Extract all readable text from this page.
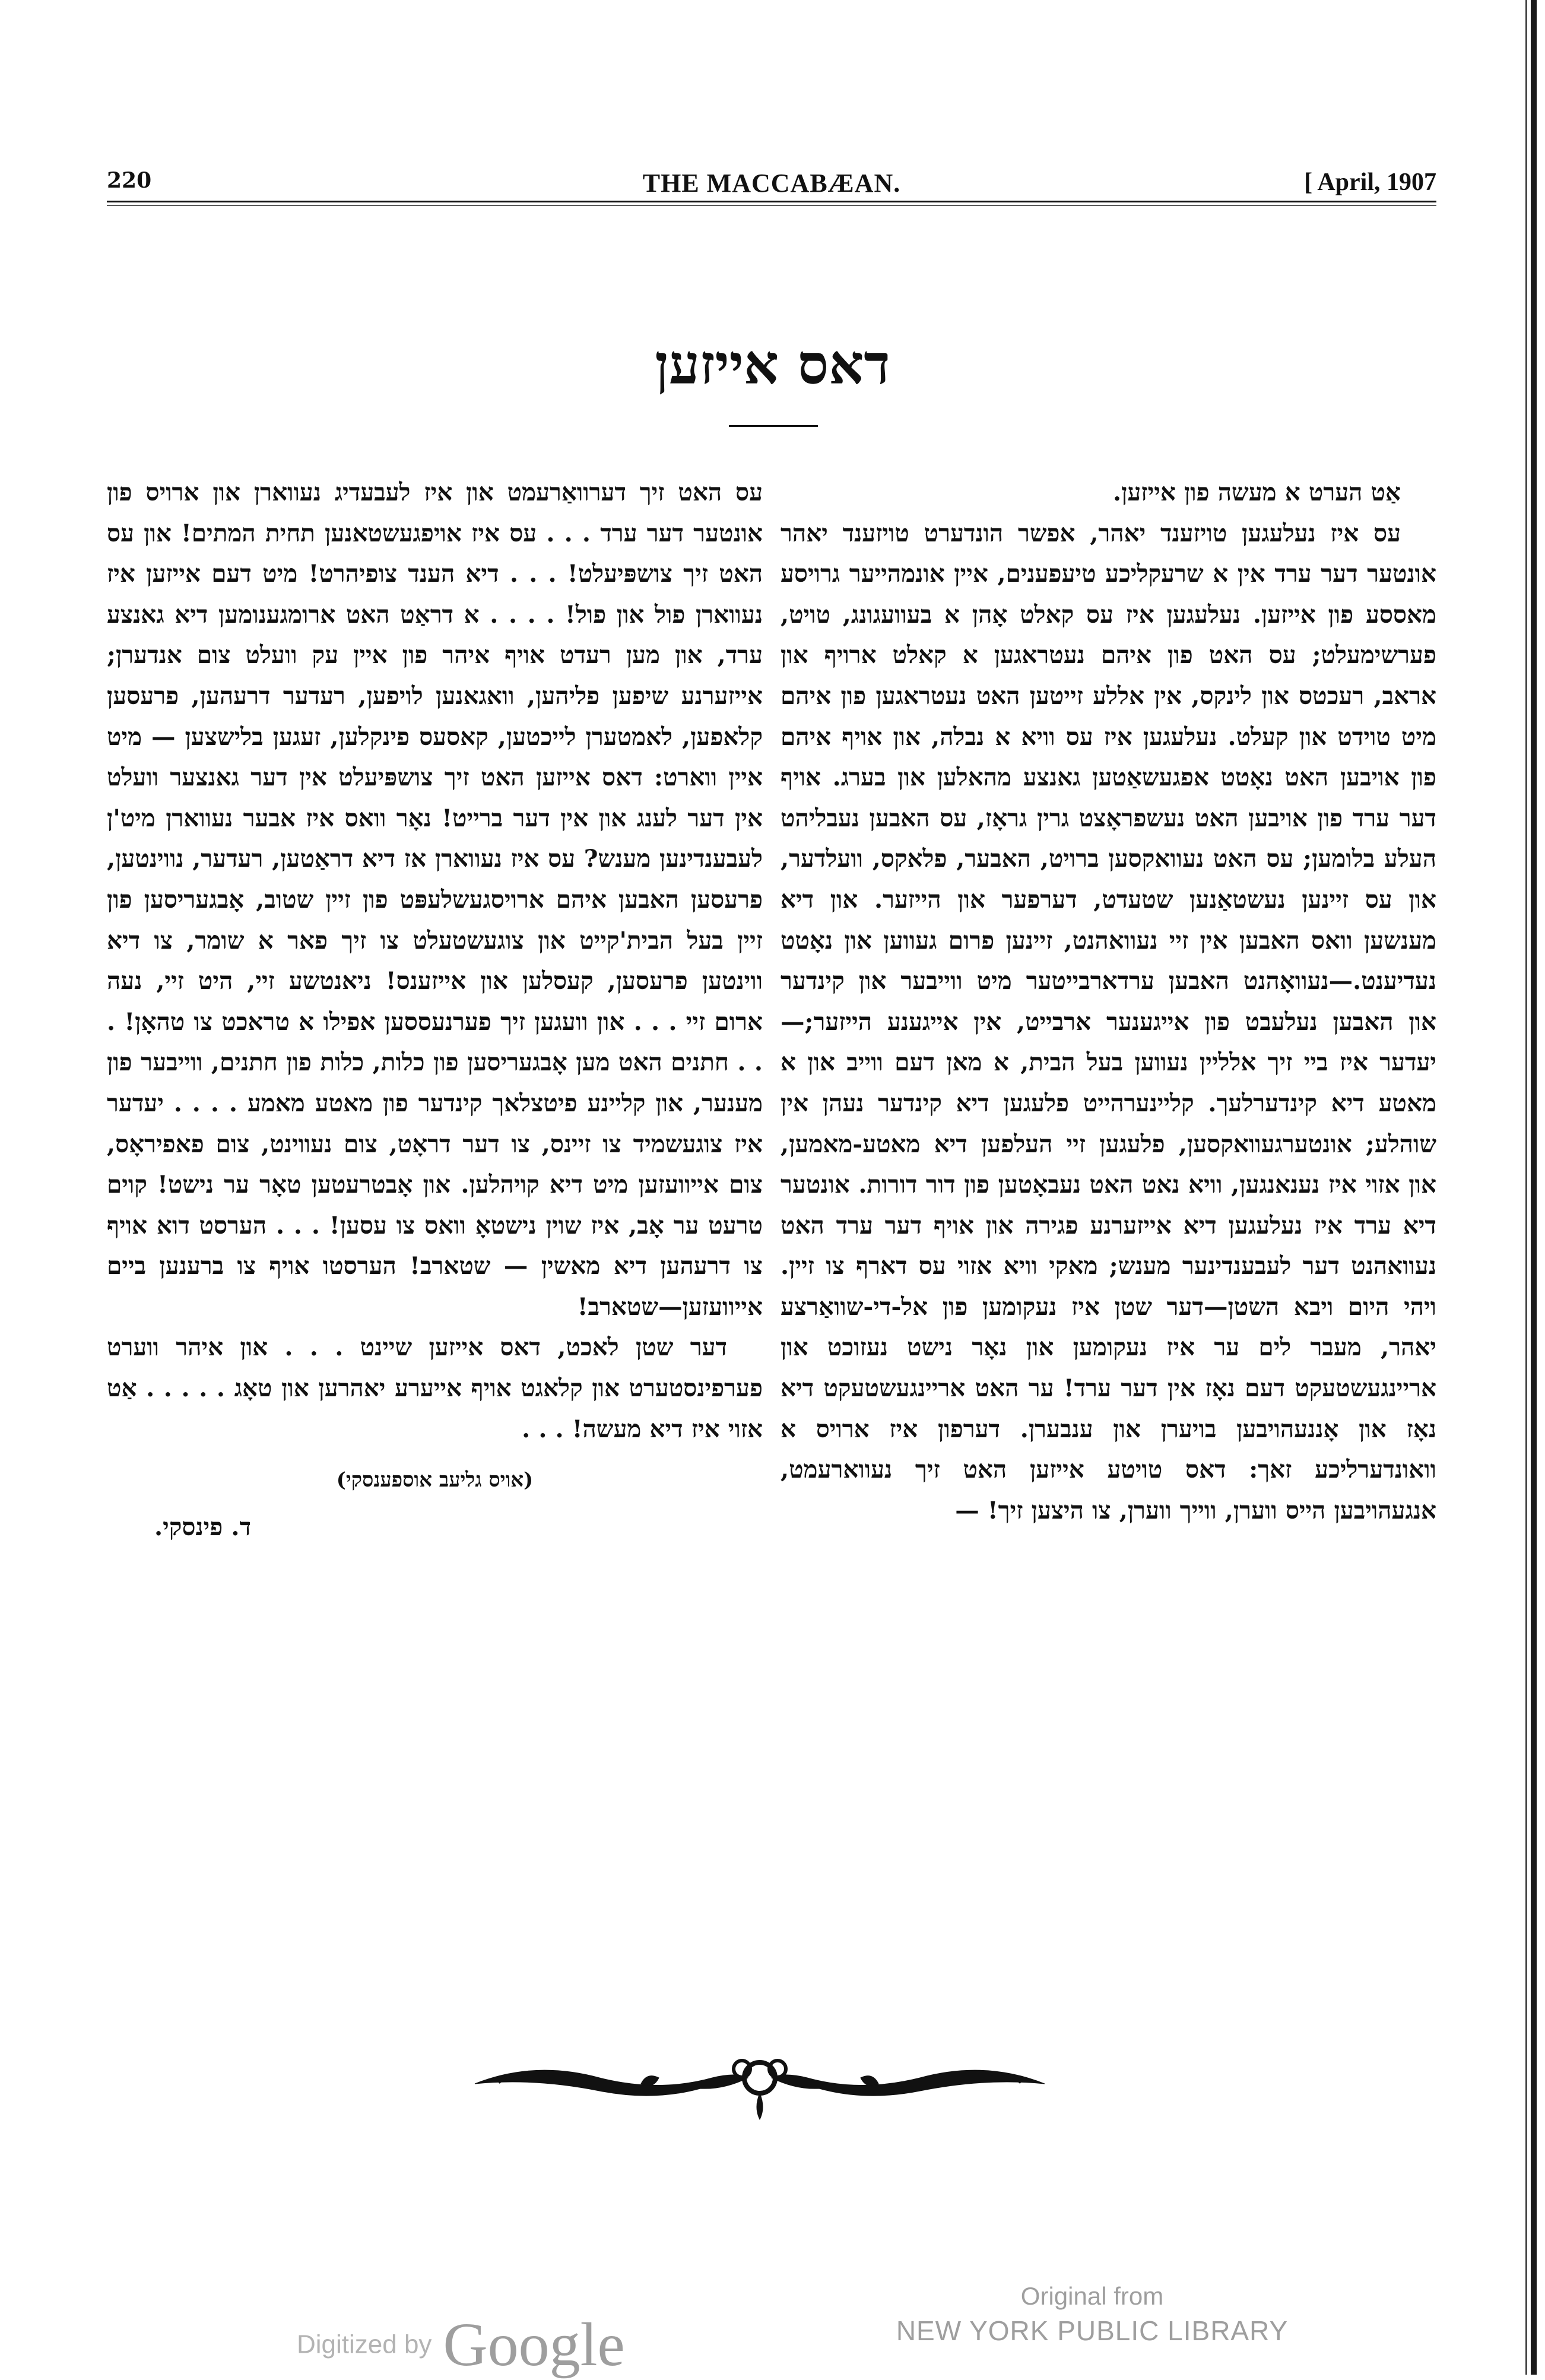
220	THE MACCABÆAN.	[ April, 1907
דאס אייזען

אַט הערט א מעשה פון אייזען.

עס איז נעלעגען טויזענד יאהר, אפשר הונדערט טויזענד יאהר אונטער דער ערד אין א שרעקליכע טיעפענים, איין אונמהייער גרויסע מאססע פון אייזען. נעלעגען איז עס קאלט אָהן א בעוועגונג, טויט, פערשימעלט; עס האט פון איהם נעטראגען א קאלט ארויף און אראב, רעכטס און לינקס, אין אללע זייטען האט נעטראגען פון איהם מיט טוידט און קעלט. נעלעגען איז עס וויא א נבלה, און אויף איהם פון אויבען האט נאָטט אפגעשאַטען גאנצע מהאלען און בערג. אויף דער ערד פון אויבען האט נעשפראָצט גרין גראָז, עס האבען נעבליהט העלע בלומען; עס האט נעוואקסען ברויט, האבער, פלאקס, וועלדער, און עס זיינען נעשטאַנען שטעדט, דערפער און הייזער. און דיא מענשען וואס האבען אין זיי נעוואהנט, זיינען פרום געווען און נאָטט נעדיענט.—נעוואָהנט האבען ערדארבייטער מיט ווייבער און קינדער און האבען נעלעבט פון אייגענער ארבייט, אין אייגענע הייזער;—יעדער איז ביי זיך אלליין נעווען בעל הבית, א מאן דעם ווייב און א מאטע דיא קינדערלעך. קליינערהייט פלעגען דיא קינדער נעהן אין שוהלע; אונטערגעוואקסען, פלעגען זיי העלפען דיא מאטע-מאמען, און אזוי איז נענאנגען, וויא נאט האט נעבאָטען פון דור דורות. אונטער דיא ערד איז נעלעגען דיא אייזערנע פגירה און אויף דער ערד האט נעוואהנט דער לעבענדינער מענש; מאקי וויא אזוי עס דארף צו זיין. ויהי היום ויבא השטן—דער שטן איז נעקומען פון אל-די-שוואַרצע יאהר, מעבר לים ער איז נעקומען און נאָר נישט נעזוכט און אריינגעשטעקט דעם נאָז אין דער ערד! ער האט אריינגעשטעקט דיא נאָז און אָננעהויבען בויערן און ענבערן. דערפון איז ארויס א וואונדערליכע זאך: דאס טויטע אייזען האט זיך נעווארעמט, אנגעהויבען הייס ווערן, ווייך ווערן, צו היצען זיך! —

עס האט זיך דערוואַרעמט און איז לעבעדיג נעווארן און ארויס פון אונטער דער ערד . . . עס איז אויפגעשטאנען תחית המתים! און עס האט זיך צושפּיעלט! . . . דיא הענד צופיהרט! מיט דעם אייזען איז נעווארן פול און פול! . . . . א דראַט האט ארומגענומען דיא גאנצע ערד, און מען רעדט אויף איהר פון איין עק וועלט צום אנדערן; אייזערנע שיפען פליהען, וואגאנען לויפען, רעדער דרעהען, פרעסען קלאפען, לאמטערן לייכטען, קאסעס פינקלען, זעגען בלישצען — מיט איין ווארט: דאס אייזען האט זיך צושפּיעלט אין דער גאנצער וועלט אין דער לענג און אין דער ברייט! נאָר וואס איז אבער נעווארן מיט'ן לעבענדינען מענש? עס איז נעווארן אז דיא דראַטען, רעדער, נווינטען, פרעסען האבען איהם ארויסגעשלעפּט פון זיין שטוב, אָבגעריסען פון זיין בעל הבית'קייט און צוגעשטעלט צו זיך פאר א שומר, צו דיא ווינטען פרעסען, קעסלען און אייזענס! ניאנטשע זיי, היט זיי, נעה ארום זיי . . . און וועגען זיך פערנעססען אפילו א טראכט צו טהאָן! . . . חתנים האט מען אָבגעריסען פון כלות, כלות פון חתנים, ווייבער פון מענער, און קליינע פיטצלאך קינדער פון מאטע מאמע . . . . יעדער איז צוגעשמיד צו זיינס, צו דער דראָט, צום נעווינט, צום פאפיראָס, צום אייוועזען מיט דיא קויהלען. און אָבטרעטען טאָר ער נישט! קוים טרעט ער אָב, איז שוין נישטאָ וואס צו עסען! . . . הערסט דוא אויף צו דרעהען דיא מאשין — שטארב! הערסטו אויף צו ברענען ביים אייוועזען—שטארב!

דער שטן לאכט, דאס אייזען שיינט . . . און איהר ווערט פערפינסטערט און קלאגט אויף אייערע יאהרען און טאָג . . . . . אַט אזוי איז דיא מעשה! . . .

(אויס גליעב אוספענסקי)

ד. פינסקי.

Digitized by Google
Original from
NEW YORK PUBLIC LIBRARY
